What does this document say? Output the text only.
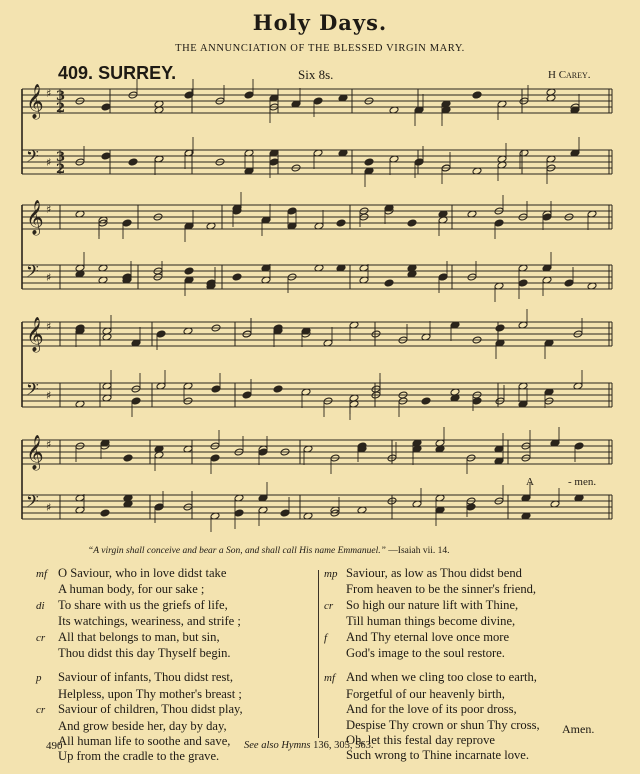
Holy Days.
THE ANNUNCIATION OF THE BLESSED VIRGIN MARY.
409. SURREY.	Six 8s.	H Carey.
𝄞 ♯
𝄢 ♯
3
2
3
2
𝄞 ♯
𝄢 ♯
𝄞 ♯
𝄢 ♯
𝄞 ♯
𝄢 ♯
A	- men.
“A virgin shall conceive and bear a Son, and shall call His name Emmanuel.” —Isaiah vii. 14.
mf O Saviour, who in love didst take
A human body, for our sake ;
di To share with us the griefs of life,
Its watchings, weariness, and strife ;
cr All that belongs to man, but sin,
Thou didst this day Thyself begin.
p Saviour of infants, Thou didst rest,
Helpless, upon Thy mother's breast ;
cr Saviour of children, Thou didst play,
And grow beside her, day by day,
All human life to soothe and save,
Up from the cradle to the grave.
mp Saviour, as low as Thou didst bend
From heaven to be the sinner's friend,
cr So high our nature lift with Thine,
Till human things become divine,
f And Thy eternal love once more
God's image to the soul restore.
mf And when we cling too close to earth,
Forgetful of our heavenly birth,
And for the love of its poor dross,
Despise Thy crown or shun Thy cross,
Oh, let this festal day reprove
Such wrong to Thine incarnate love.
Amen.
490	See also Hymns 136, 305, 563.
